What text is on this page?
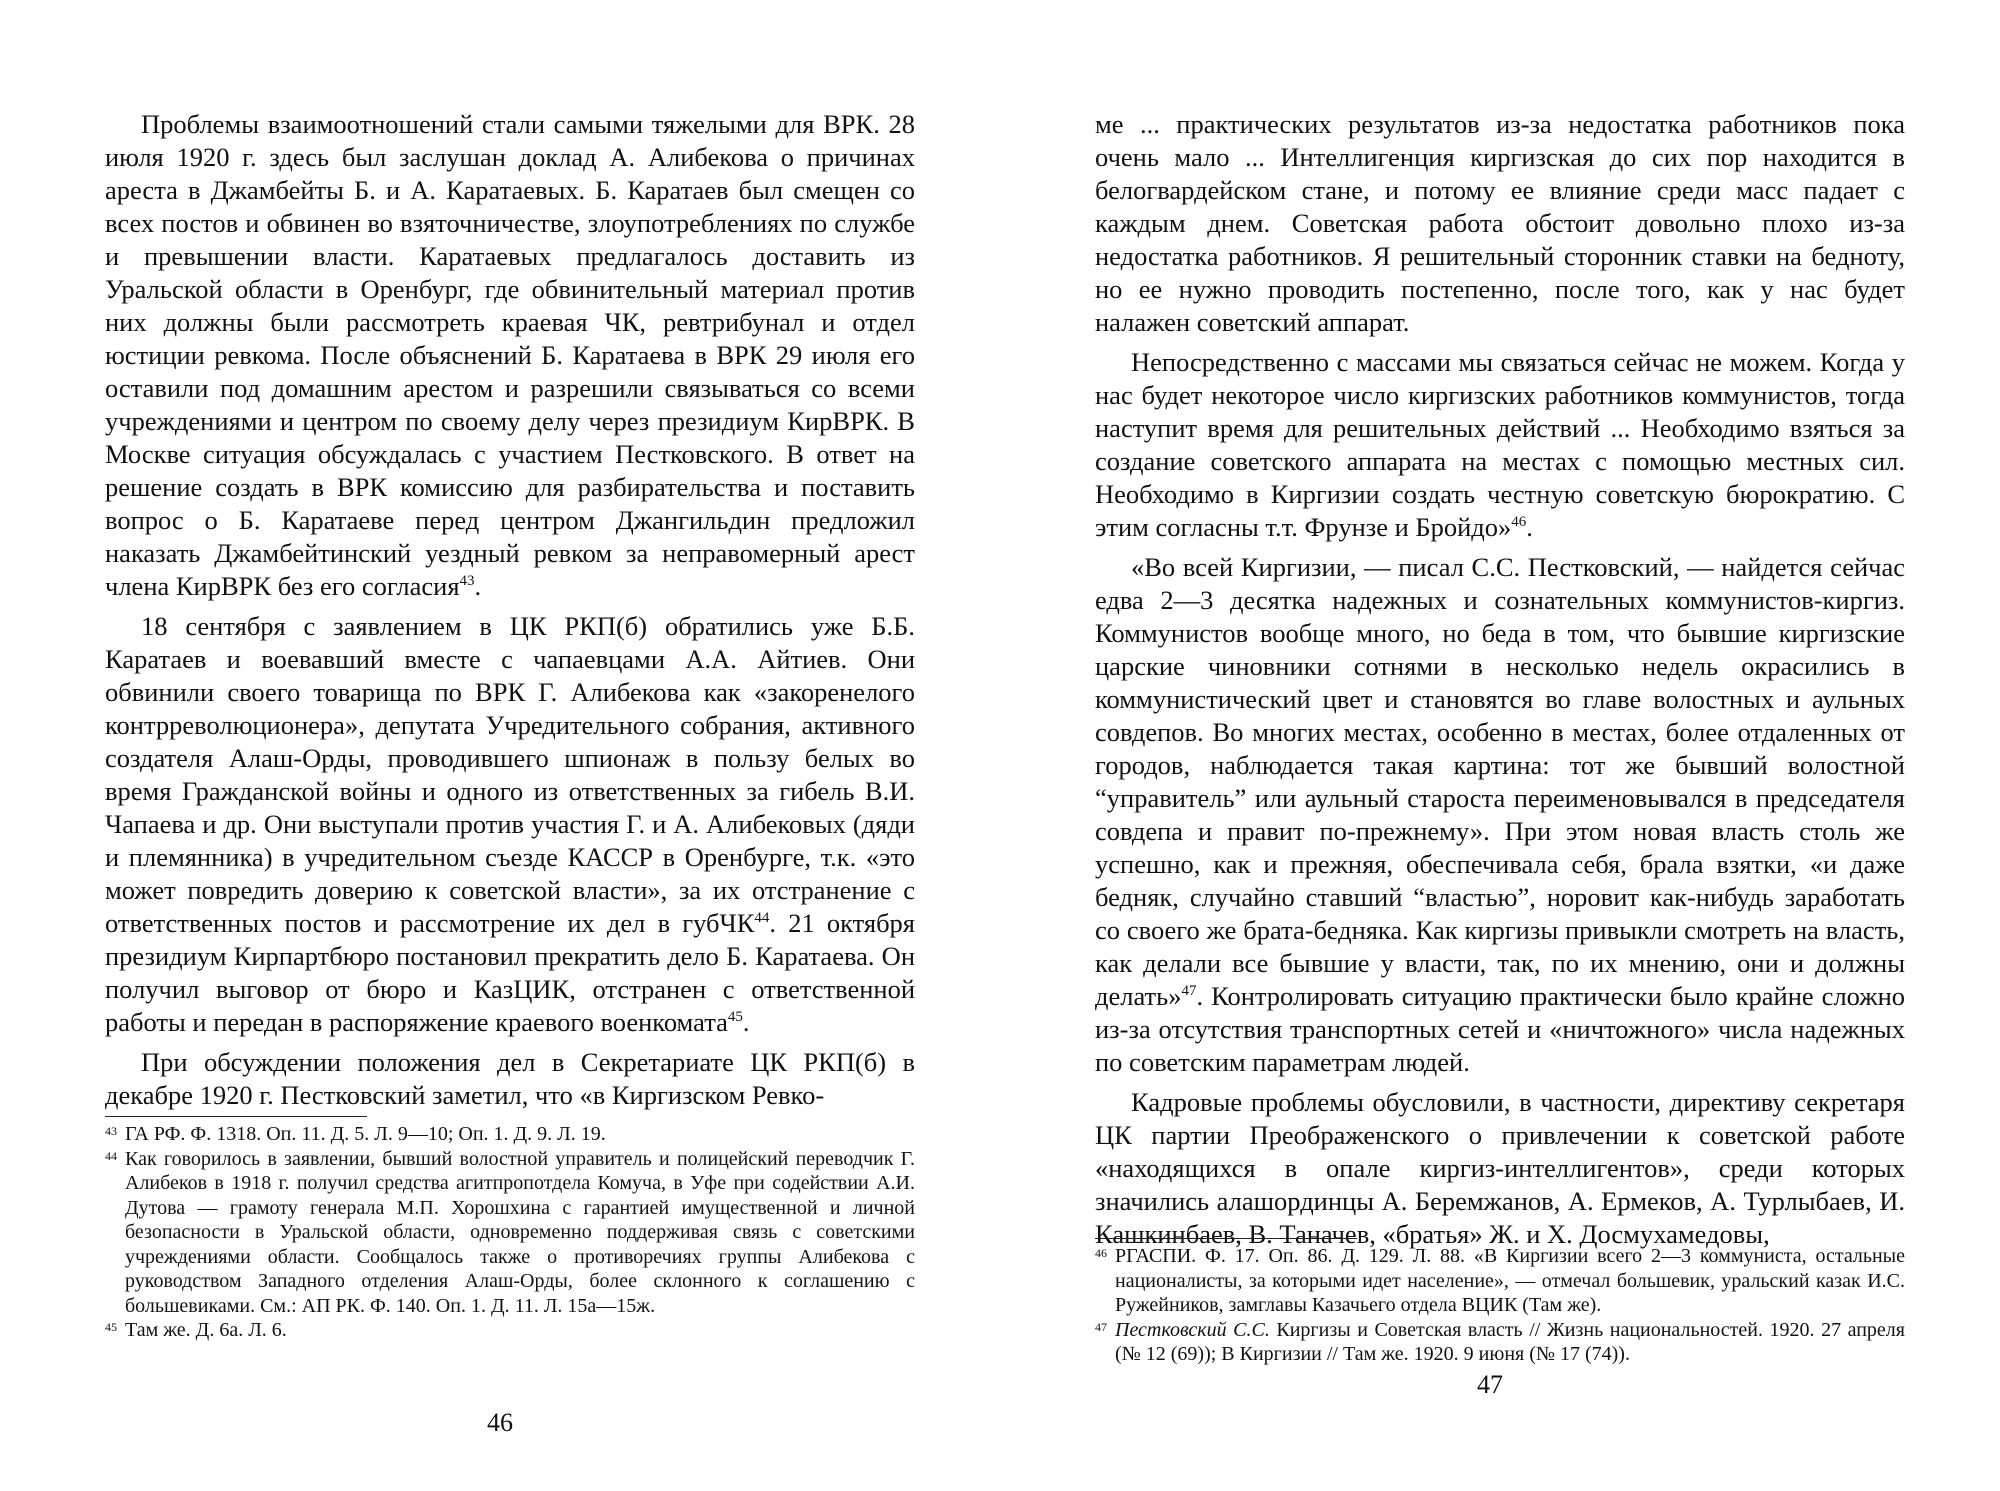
Проблемы взаимоотношений стали самыми тяжелыми для ВРК. 28 июля 1920 г. здесь был заслушан доклад А. Алибекова о причинах ареста в Джамбейты Б. и А. Каратаевых. Б. Каратаев был смещен со всех постов и обвинен во взяточничестве, злоупотреблениях по службе и превышении власти. Каратаевых предлагалось доставить из Уральской области в Оренбург, где обвинительный материал против них должны были рассмотреть краевая ЧК, ревтрибунал и отдел юстиции ревкома. После объяснений Б. Каратаева в ВРК 29 июля его оставили под домашним арестом и разрешили связываться со всеми учреждениями и центром по своему делу через президиум КирВРК. В Москве ситуация обсуждалась с участием Пестковского. В ответ на решение создать в ВРК комиссию для разбирательства и поставить вопрос о Б. Каратаеве перед центром Джангильдин предложил наказать Джамбейтинский уездный ревком за неправомерный арест члена КирВРК без его согласия$^{43}$.

18 сентября с заявлением в ЦК РКП(б) обратились уже Б.Б. Каратаев и воевавший вместе с чапаевцами А.А. Айтиев. Они обвинили своего товарища по ВРК Г. Алибекова как «закоренелого контрреволюционера», депутата Учредительного собрания, активного создателя Алаш-Орды, проводившего шпионаж в пользу белых во время Гражданской войны и одного из ответственных за гибель В.И. Чапаева и др. Они выступали против участия Г. и А. Алибековых (дяди и племянника) в учредительном съезде КАССР в Оренбурге, т.к. «это может повредить доверию к советской власти», за их отстранение с ответственных постов и рассмотрение их дел в губЧК$^{44}$. 21 октября президиум Кирпартбюро постановил прекратить дело Б. Каратаева. Он получил выговор от бюро и КазЦИК, отстранен с ответственной работы и передан в распоряжение краевого военкомата$^{45}$.

При обсуждении положения дел в Секретариате ЦК РКП(б) в декабре 1920 г. Пестковский заметил, что «в Киргизском Ревко-

43 ГА РФ. Ф. 1318. Оп. 11. Д. 5. Л. 9—10; Оп. 1. Д. 9. Л. 19.

44 Как говорилось в заявлении, бывший волостной управитель и полицейский переводчик Г. Алибеков в 1918 г. получил средства агитпропотдела Комуча, в Уфе при содействии А.И. Дутова — грамоту генерала М.П. Хорошхина с гарантией имущественной и личной безопасности в Уральской области, одновременно поддерживая связь с советскими учреждениями области. Сообщалось также о противоречиях группы Алибекова с руководством Западного отделения Алаш-Орды, более склонного к соглашению с большевиками. См.: АП РК. Ф. 140. Оп. 1. Д. 11. Л. 15а—15ж.

45 Там же. Д. 6а. Л. 6.

46

ме ... практических результатов из-за недостатка работников пока очень мало ... Интеллигенция киргизская до сих пор находится в белогвардейском стане, и потому ее влияние среди масс падает с каждым днем. Советская работа обстоит довольно плохо из-за недостатка работников. Я решительный сторонник ставки на бедноту, но ее нужно проводить постепенно, после того, как у нас будет налажен советский аппарат.

Непосредственно с массами мы связаться сейчас не можем. Когда у нас будет некоторое число киргизских работников коммунистов, тогда наступит время для решительных действий ... Необходимо взяться за создание советского аппарата на местах с помощью местных сил. Необходимо в Киргизии создать честную советскую бюрократию. С этим согласны т.т. Фрунзе и Бройдо»$^{46}$.

«Во всей Киргизии, — писал С.С. Пестковский, — найдется сейчас едва 2—3 десятка надежных и сознательных коммунистов-киргиз. Коммунистов вообще много, но беда в том, что бывшие киргизские царские чиновники сотнями в несколько недель окрасились в коммунистический цвет и становятся во главе волостных и аульных совдепов. Во многих местах, особенно в местах, более отдаленных от городов, наблюдается такая картина: тот же бывший волостной “управитель” или аульный староста переименовывался в председателя совдепа и правит по-прежнему». При этом новая власть столь же успешно, как и прежняя, обеспечивала себя, брала взятки, «и даже бедняк, случайно ставший “властью”, норовит как-нибудь заработать со своего же брата-бедняка. Как киргизы привыкли смотреть на власть, как делали все бывшие у власти, так, по их мнению, они и должны делать»$^{47}$. Контролировать ситуацию практически было крайне сложно из-за отсутствия транспортных сетей и «ничтожного» числа надежных по советским параметрам людей.

Кадровые проблемы обусловили, в частности, директиву секретаря ЦК партии Преображенского о привлечении к советской работе «находящихся в опале киргиз-интеллигентов», среди которых значились алашординцы А. Беремжанов, А. Ермеков, А. Турлыбаев, И. Кашкинбаев, В. Таначев, «братья» Ж. и Х. Досмухамедовы,

46 РГАСПИ. Ф. 17. Оп. 86. Д. 129. Л. 88. «В Киргизии всего 2—3 коммуниста, остальные националисты, за которыми идет население», — отмечал большевик, уральский казак И.С. Ружейников, замглавы Казачьего отдела ВЦИК (Там же).

47 Пестковский С.С. Киргизы и Советская власть // Жизнь национальностей. 1920. 27 апреля (№ 12 (69)); В Киргизии // Там же. 1920. 9 июня (№ 17 (74)).

47
